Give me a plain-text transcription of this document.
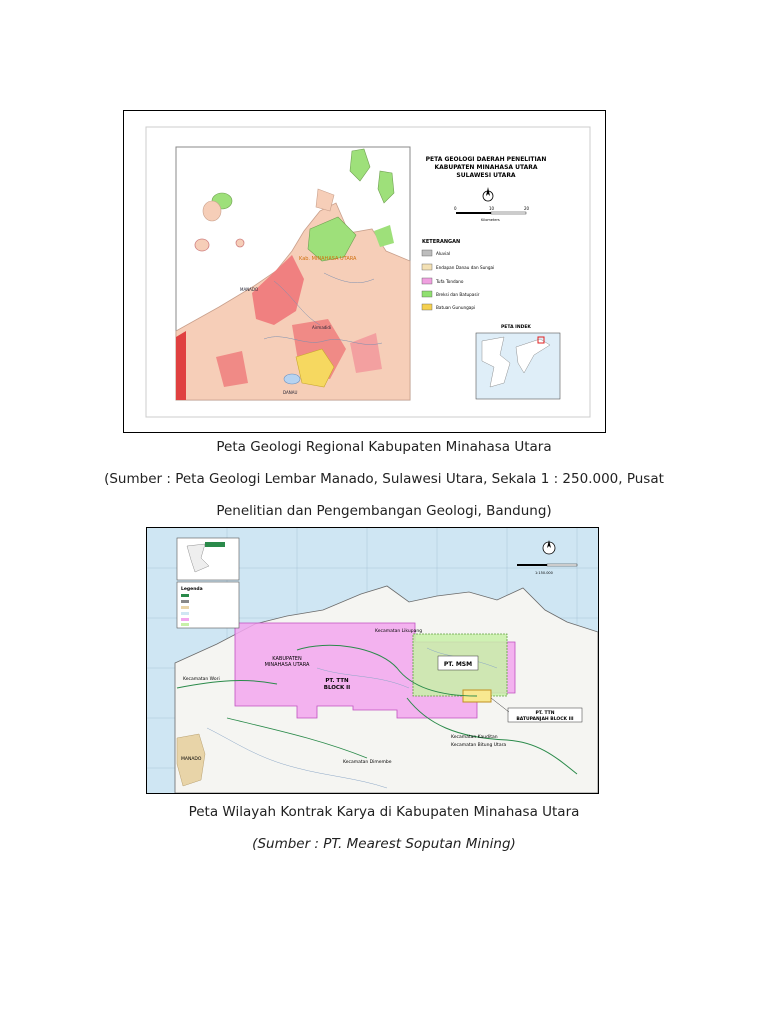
Kab. MINAHASA UTARA
MANADO
DANAU
Airmadidi
PETA GEOLOGI DAERAH PENELITIAN
KABUPATEN MINAHASA UTARA
SULAWESI UTARA
0	10	20
Kilometers
KETERANGAN
Aluvial
Endapan Danau dan Sungai
Tufa Tondano
Breksi dan Batupasir
Batuan Gunungapi
PETA INDEK
Peta Geologi Regional Kabupaten Minahasa Utara
(Sumber : Peta Geologi Lembar Manado, Sulawesi Utara, Sekala 1 : 250.000, Pusat
Penelitian dan Pengembangan Geologi, Bandung)
Legenda
1:150.000
KABUPATEN
MINAHASA UTARA
PT. TTN
BLOCK II
PT. MSM
PT. TTN
BATUPANJAH BLOCK III
Kecamatan Wori
Kecamatan Likupang
Kecamatan Dimembe
Kecamatan Kauditan
Kecamatan Bitung Utara
MANADO
Peta Wilayah Kontrak Karya di Kabupaten Minahasa Utara
(Sumber : PT. Mearest Soputan Mining)
